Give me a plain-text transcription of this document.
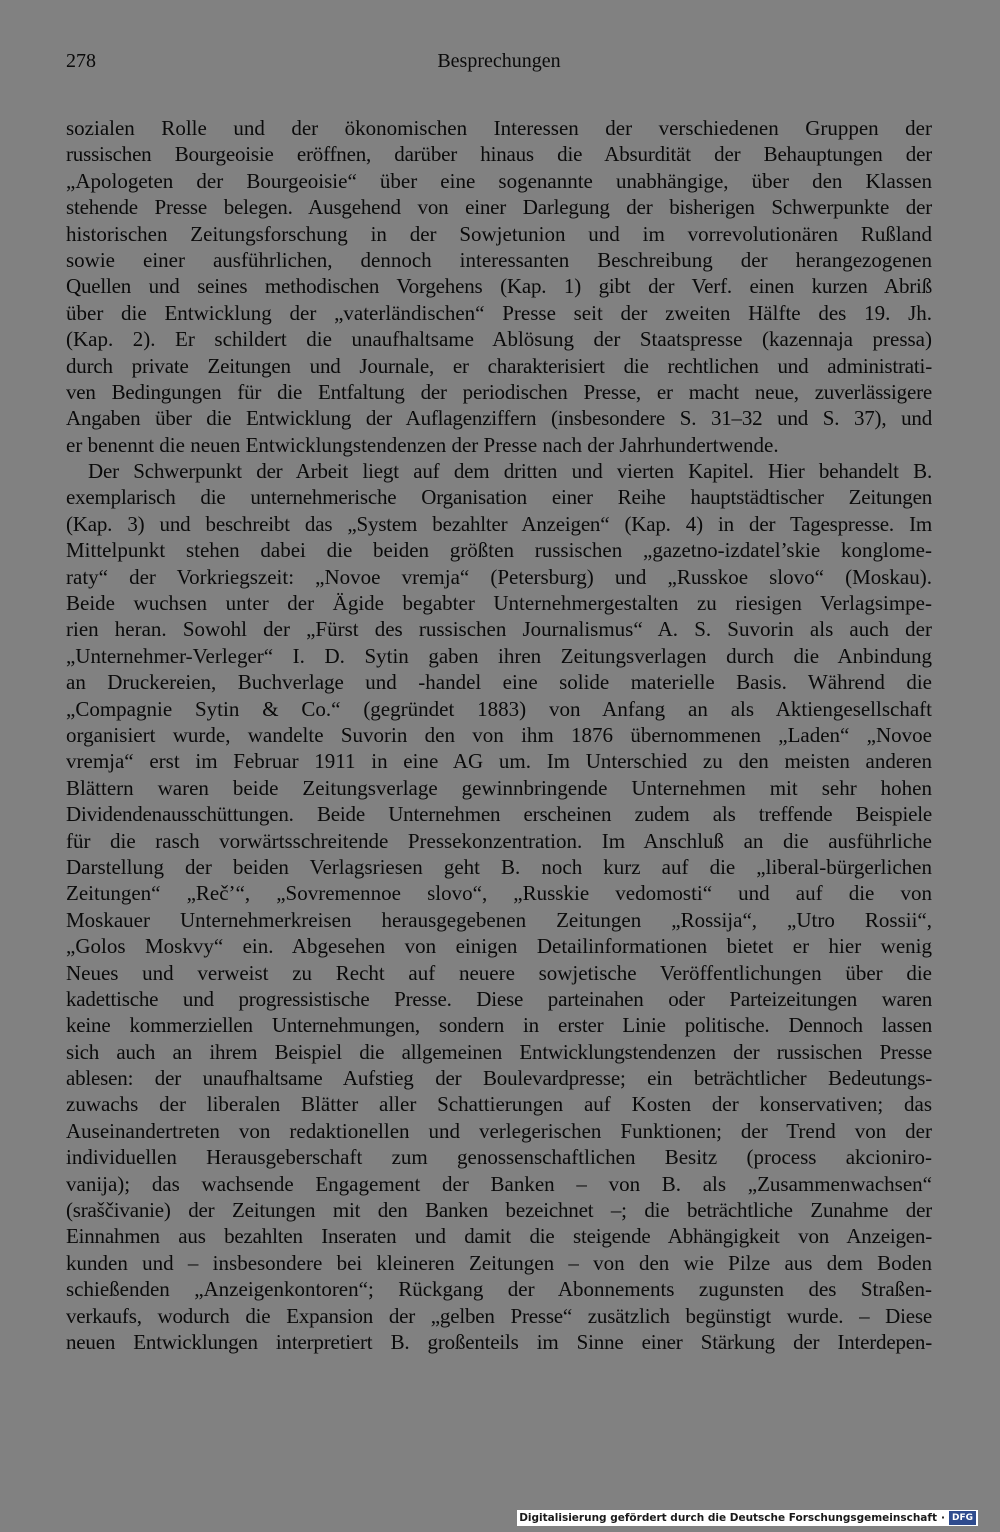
278	Besprechungen
sozialen Rolle und der ökonomischen Interessen der verschiedenen Gruppen der
russischen Bourgeoisie eröffnen, darüber hinaus die Absurdität der Behauptungen der
„Apologeten der Bourgeoisie“ über eine sogenannte unabhängige, über den Klassen
stehende Presse belegen. Ausgehend von einer Darlegung der bisherigen Schwerpunkte der
historischen Zeitungsforschung in der Sowjetunion und im vorrevolutionären Rußland
sowie einer ausführlichen, dennoch interessanten Beschreibung der herangezogenen
Quellen und seines methodischen Vorgehens (Kap. 1) gibt der Verf. einen kurzen Abriß
über die Entwicklung der „vaterländischen“ Presse seit der zweiten Hälfte des 19. Jh.
(Kap. 2). Er schildert die unaufhaltsame Ablösung der Staatspresse (kazennaja pressa)
durch private Zeitungen und Journale, er charakterisiert die rechtlichen und administrati-
ven Bedingungen für die Entfaltung der periodischen Presse, er macht neue, zuverlässigere
Angaben über die Entwicklung der Auflagenziffern (insbesondere S. 31–32 und S. 37), und
er benennt die neuen Entwicklungstendenzen der Presse nach der Jahrhundertwende.
Der Schwerpunkt der Arbeit liegt auf dem dritten und vierten Kapitel. Hier behandelt B.
exemplarisch die unternehmerische Organisation einer Reihe hauptstädtischer Zeitungen
(Kap. 3) und beschreibt das „System bezahlter Anzeigen“ (Kap. 4) in der Tagespresse. Im
Mittelpunkt stehen dabei die beiden größten russischen „gazetno-izdatel’skie konglome-
raty“ der Vorkriegszeit: „Novoe vremja“ (Petersburg) und „Russkoe slovo“ (Moskau).
Beide wuchsen unter der Ägide begabter Unternehmergestalten zu riesigen Verlagsimpe-
rien heran. Sowohl der „Fürst des russischen Journalismus“ A. S. Suvorin als auch der
„Unternehmer-Verleger“ I. D. Sytin gaben ihren Zeitungsverlagen durch die Anbindung
an Druckereien, Buchverlage und -handel eine solide materielle Basis. Während die
„Compagnie Sytin & Co.“ (gegründet 1883) von Anfang an als Aktiengesellschaft
organisiert wurde, wandelte Suvorin den von ihm 1876 übernommenen „Laden“ „Novoe
vremja“ erst im Februar 1911 in eine AG um. Im Unterschied zu den meisten anderen
Blättern waren beide Zeitungsverlage gewinnbringende Unternehmen mit sehr hohen
Dividendenausschüttungen. Beide Unternehmen erscheinen zudem als treffende Beispiele
für die rasch vorwärtsschreitende Pressekonzentration. Im Anschluß an die ausführliche
Darstellung der beiden Verlagsriesen geht B. noch kurz auf die „liberal-bürgerlichen
Zeitungen“ „Reč’“, „Sovremennoe slovo“, „Russkie vedomosti“ und auf die von
Moskauer Unternehmerkreisen herausgegebenen Zeitungen „Rossija“, „Utro Rossii“,
„Golos Moskvy“ ein. Abgesehen von einigen Detailinformationen bietet er hier wenig
Neues und verweist zu Recht auf neuere sowjetische Veröffentlichungen über die
kadettische und progressistische Presse. Diese parteinahen oder Parteizeitungen waren
keine kommerziellen Unternehmungen, sondern in erster Linie politische. Dennoch lassen
sich auch an ihrem Beispiel die allgemeinen Entwicklungstendenzen der russischen Presse
ablesen: der unaufhaltsame Aufstieg der Boulevardpresse; ein beträchtlicher Bedeutungs-
zuwachs der liberalen Blätter aller Schattierungen auf Kosten der konservativen; das
Auseinandertreten von redaktionellen und verlegerischen Funktionen; der Trend von der
individuellen Herausgeberschaft zum genossenschaftlichen Besitz (process akcioniro-
vanija); das wachsende Engagement der Banken – von B. als „Zusammenwachsen“
(sraščivanie) der Zeitungen mit den Banken bezeichnet –; die beträchtliche Zunahme der
Einnahmen aus bezahlten Inseraten und damit die steigende Abhängigkeit von Anzeigen-
kunden und – insbesondere bei kleineren Zeitungen – von den wie Pilze aus dem Boden
schießenden „Anzeigenkontoren“; Rückgang der Abonnements zugunsten des Straßen-
verkaufs, wodurch die Expansion der „gelben Presse“ zusätzlich begünstigt wurde. – Diese
neuen Entwicklungen interpretiert B. großenteils im Sinne einer Stärkung der Interdepen-
Digitalisierung gefördert durch die Deutsche Forschungsgemeinschaft · DFG
